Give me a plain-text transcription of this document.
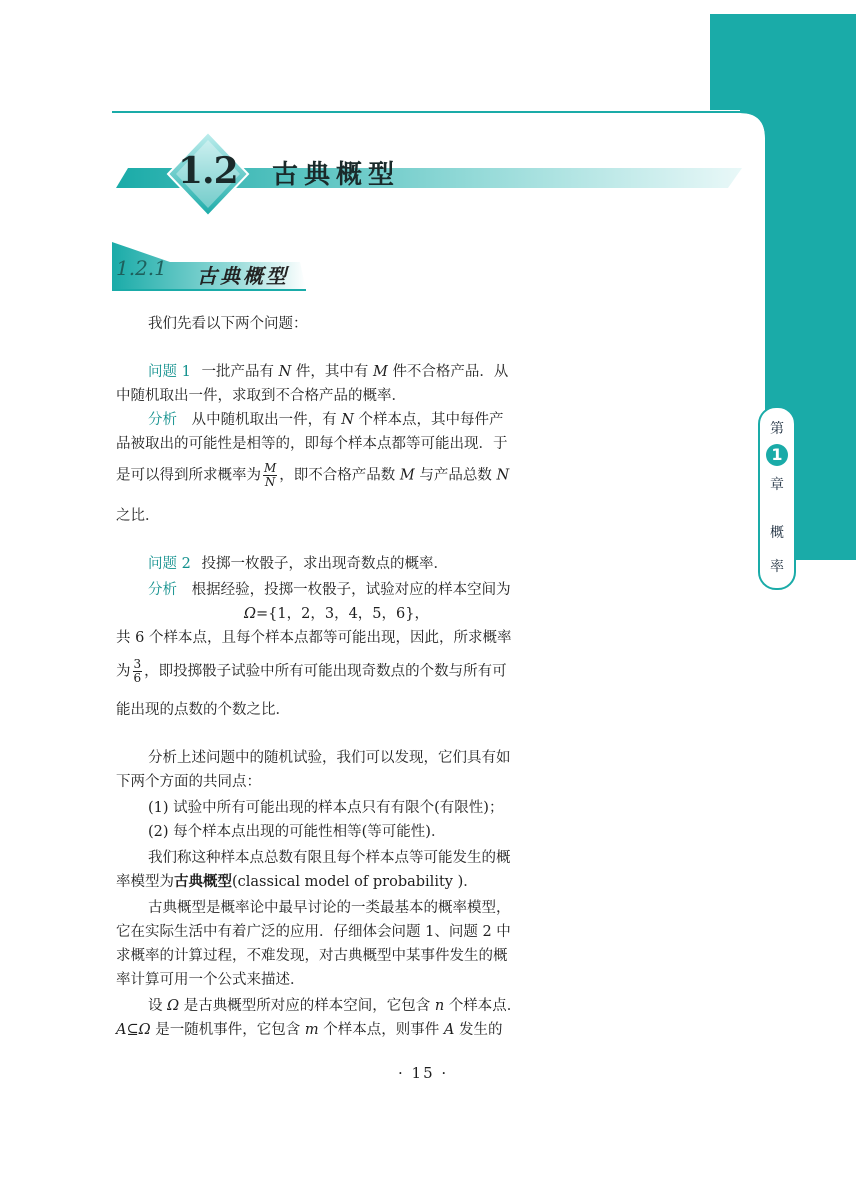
第
1
章
概
率
1.2	古典概型
1.2.1 古典概型
我们先看以下两个问题：
问题 1 一批产品有 N 件，其中有 M 件不合格产品．从
中随机取出一件，求取到不合格产品的概率．
分析 从中随机取出一件，有 N 个样本点，其中每件产
品被取出的可能性是相等的，即每个样本点都等可能出现．于
是可以得到所求概率为 $\frac{M}{N}$ ，即不合格产品数 M 与产品总数 N
之比．
问题 2 投掷一枚骰子，求出现奇数点的概率．
分析 根据经验，投掷一枚骰子，试验对应的样本空间为
Ω={1，2，3，4，5，6}，
共 6 个样本点，且每个样本点都等可能出现，因此，所求概率
为 $\frac{3}{6}$ ，即投掷骰子试验中所有可能出现奇数点的个数与所有可
能出现的点数的个数之比．
分析上述问题中的随机试验，我们可以发现，它们具有如
下两个方面的共同点：
(1) 试验中所有可能出现的样本点只有有限个(有限性)；
(2) 每个样本点出现的可能性相等(等可能性)．
我们称这种样本点总数有限且每个样本点等可能发生的概
率模型为古典概型(classical model of probability )．
古典概型是概率论中最早讨论的一类最基本的概率模型，
它在实际生活中有着广泛的应用．仔细体会问题 1、问题 2 中
求概率的计算过程，不难发现，对古典概型中某事件发生的概
率计算可用一个公式来描述．
设 Ω 是古典概型所对应的样本空间，它包含 n 个样本点．
A⊆Ω 是一随机事件，它包含 m 个样本点，则事件 A 发生的
· 15 ·
